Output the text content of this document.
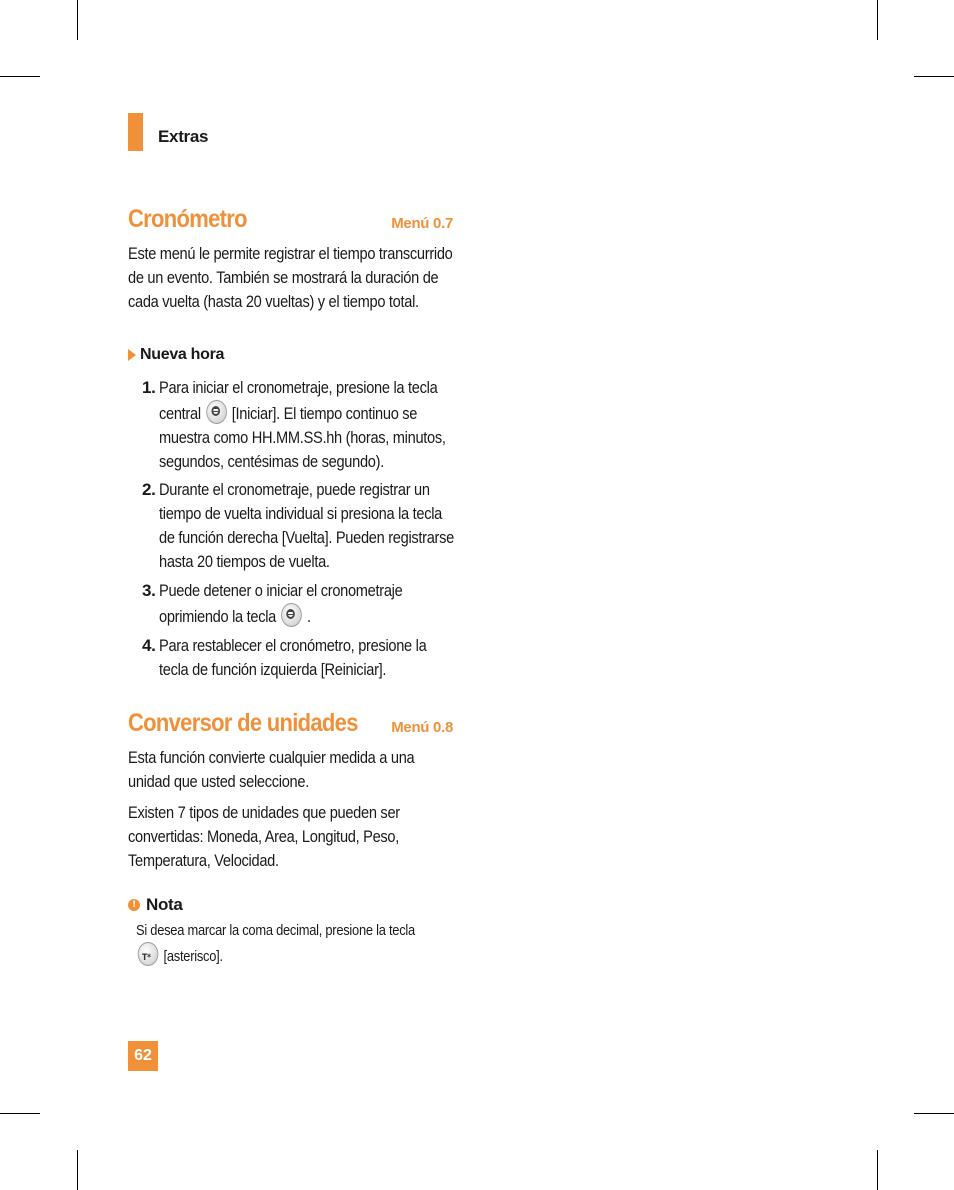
Extras
Cronómetro	Menú 0.7

Este menú le permite registrar el tiempo transcurrido de un evento. También se mostrará la duración de cada vuelta (hasta 20 vueltas) y el tiempo total.

Nueva hora
1. Para iniciar el cronometraje, presione la tecla central [Iniciar]. El tiempo continuo se muestra como HH.MM.SS.hh (horas, minutos, segundos, centésimas de segundo).
2. Durante el cronometraje, puede registrar un tiempo de vuelta individual si presiona la tecla de función derecha [Vuelta]. Pueden registrarse hasta 20 tiempos de vuelta.
3. Puede detener o iniciar el cronometraje oprimiendo la tecla .
4. Para restablecer el cronómetro, presione la tecla de función izquierda [Reiniciar].
Conversor de unidades Menú 0.8

Esta función convierte cualquier medida a una unidad que usted seleccione.

Existen 7 tipos de unidades que pueden ser convertidas: Moneda, Area, Longitud, Peso, Temperatura, Velocidad.

! Nota
Si desea marcar la coma decimal, presione la tecla
T*[asterisco].
62
